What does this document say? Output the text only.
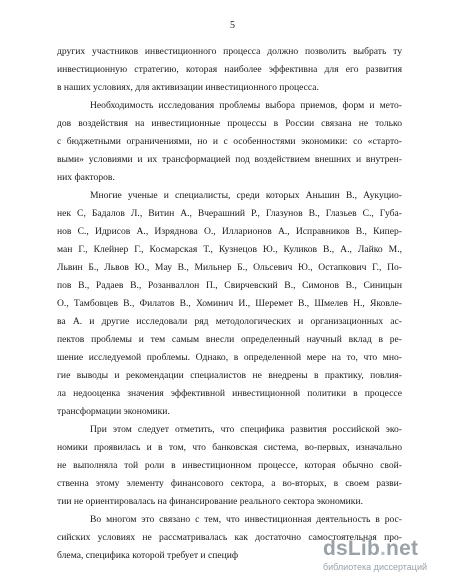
5
других участников инвестиционного процесса должно позволить выбрать ту
инвестиционную стратегию, которая наиболее эффективна для его развития
в наших условиях, для активизации инвестиционного процесса.
Необходимость исследования проблемы выбора приемов, форм и мето-
дов воздействия на инвестиционные процессы в России связана не только
с бюджетными ограничениями, но и с особенностями экономики: со «старто-
выми» условиями и их трансформацией под воздействием внешних и внутрен-
них факторов.
Многие ученые и специалисты, среди которых Аньшин В., Аукуцио-
нек С, Бадалов Л., Витин А., Вчерашний Р., Глазунов В., Глазьев С., Губа-
нов С., Идрисов А., Изряднова О., Илларионов А., Исправников В., Кипер-
ман Г., Клейнер Г., Космарская Т., Кузнецов Ю., Куликов В., А., Лайко М.,
Львин Б., Львов Ю., Мау В., Мильнер Б., Ольсевич Ю., Остапкович Г., По-
пов В., Радаев В., Розанвaллон П., Свирчевский В., Симонов В., Синицын
О., Тамбовцев В., Филатов В., Хоминич И., Шеремет В., Шмелев Н., Яковле-
ва А. и другие исследовали ряд методологических и организационных ас-
пектов проблемы и тем самым внесли определенный научный вклад в ре-
шение исследуемой проблемы. Однако, в определенной мере на то, что мно-
гие выводы и рекомендации специалистов не внедрены в практику, повлия-
ла недооценка значения эффективной инвестиционной политики в процессе
трансформации экономики.
При этом следует отметить, что специфика развития российской эко-
номики проявилась и в том, что банковская система, во-первых, изначально
не выполняла той роли в инвестиционном процессе, которая обычно свой-
ственна этому элементу финансового сектора, а во-вторых, в своем разви-
тии не ориентировалась на финансирование реального сектора экономики.
Во многом это связано с тем, что инвестиционная деятельность в рос-
сийских условиях не рассматривалась как достаточно самостоятельная про-
блема, специфика которой требует и специф	dsLib.net
библиотека диссертаций
